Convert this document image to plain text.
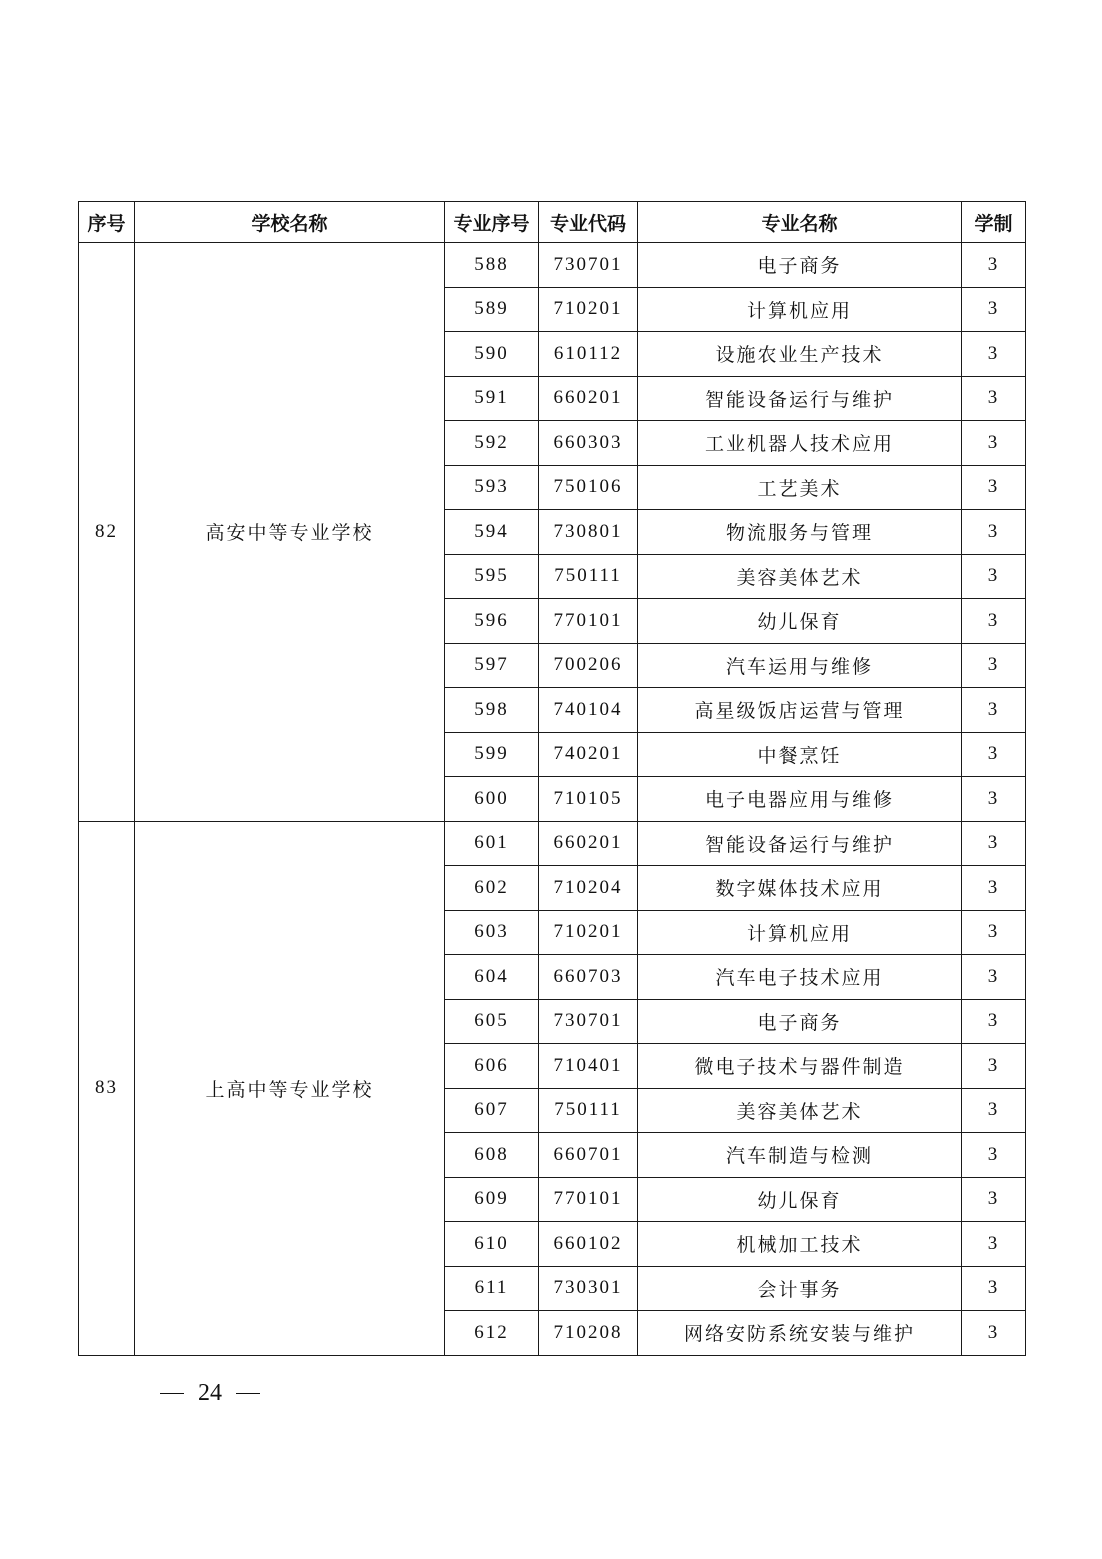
序号	学校名称	专业序号	专业代码	专业名称	学制
82	高安中等专业学校	588	730701	电子商务	3
		589	710201	计算机应用	3
		590	610112	设施农业生产技术	3
		591	660201	智能设备运行与维护	3
		592	660303	工业机器人技术应用	3
		593	750106	工艺美术	3
		594	730801	物流服务与管理	3
		595	750111	美容美体艺术	3
		596	770101	幼儿保育	3
		597	700206	汽车运用与维修	3
		598	740104	高星级饭店运营与管理	3
		599	740201	中餐烹饪	3
		600	710105	电子电器应用与维修	3
83	上高中等专业学校	601	660201	智能设备运行与维护	3
		602	710204	数字媒体技术应用	3
		603	710201	计算机应用	3
		604	660703	汽车电子技术应用	3
		605	730701	电子商务	3
		606	710401	微电子技术与器件制造	3
		607	750111	美容美体艺术	3
		608	660701	汽车制造与检测	3
		609	770101	幼儿保育	3
		610	660102	机械加工技术	3
		611	730301	会计事务	3
		612	710208	网络安防系统安装与维护	3
24
